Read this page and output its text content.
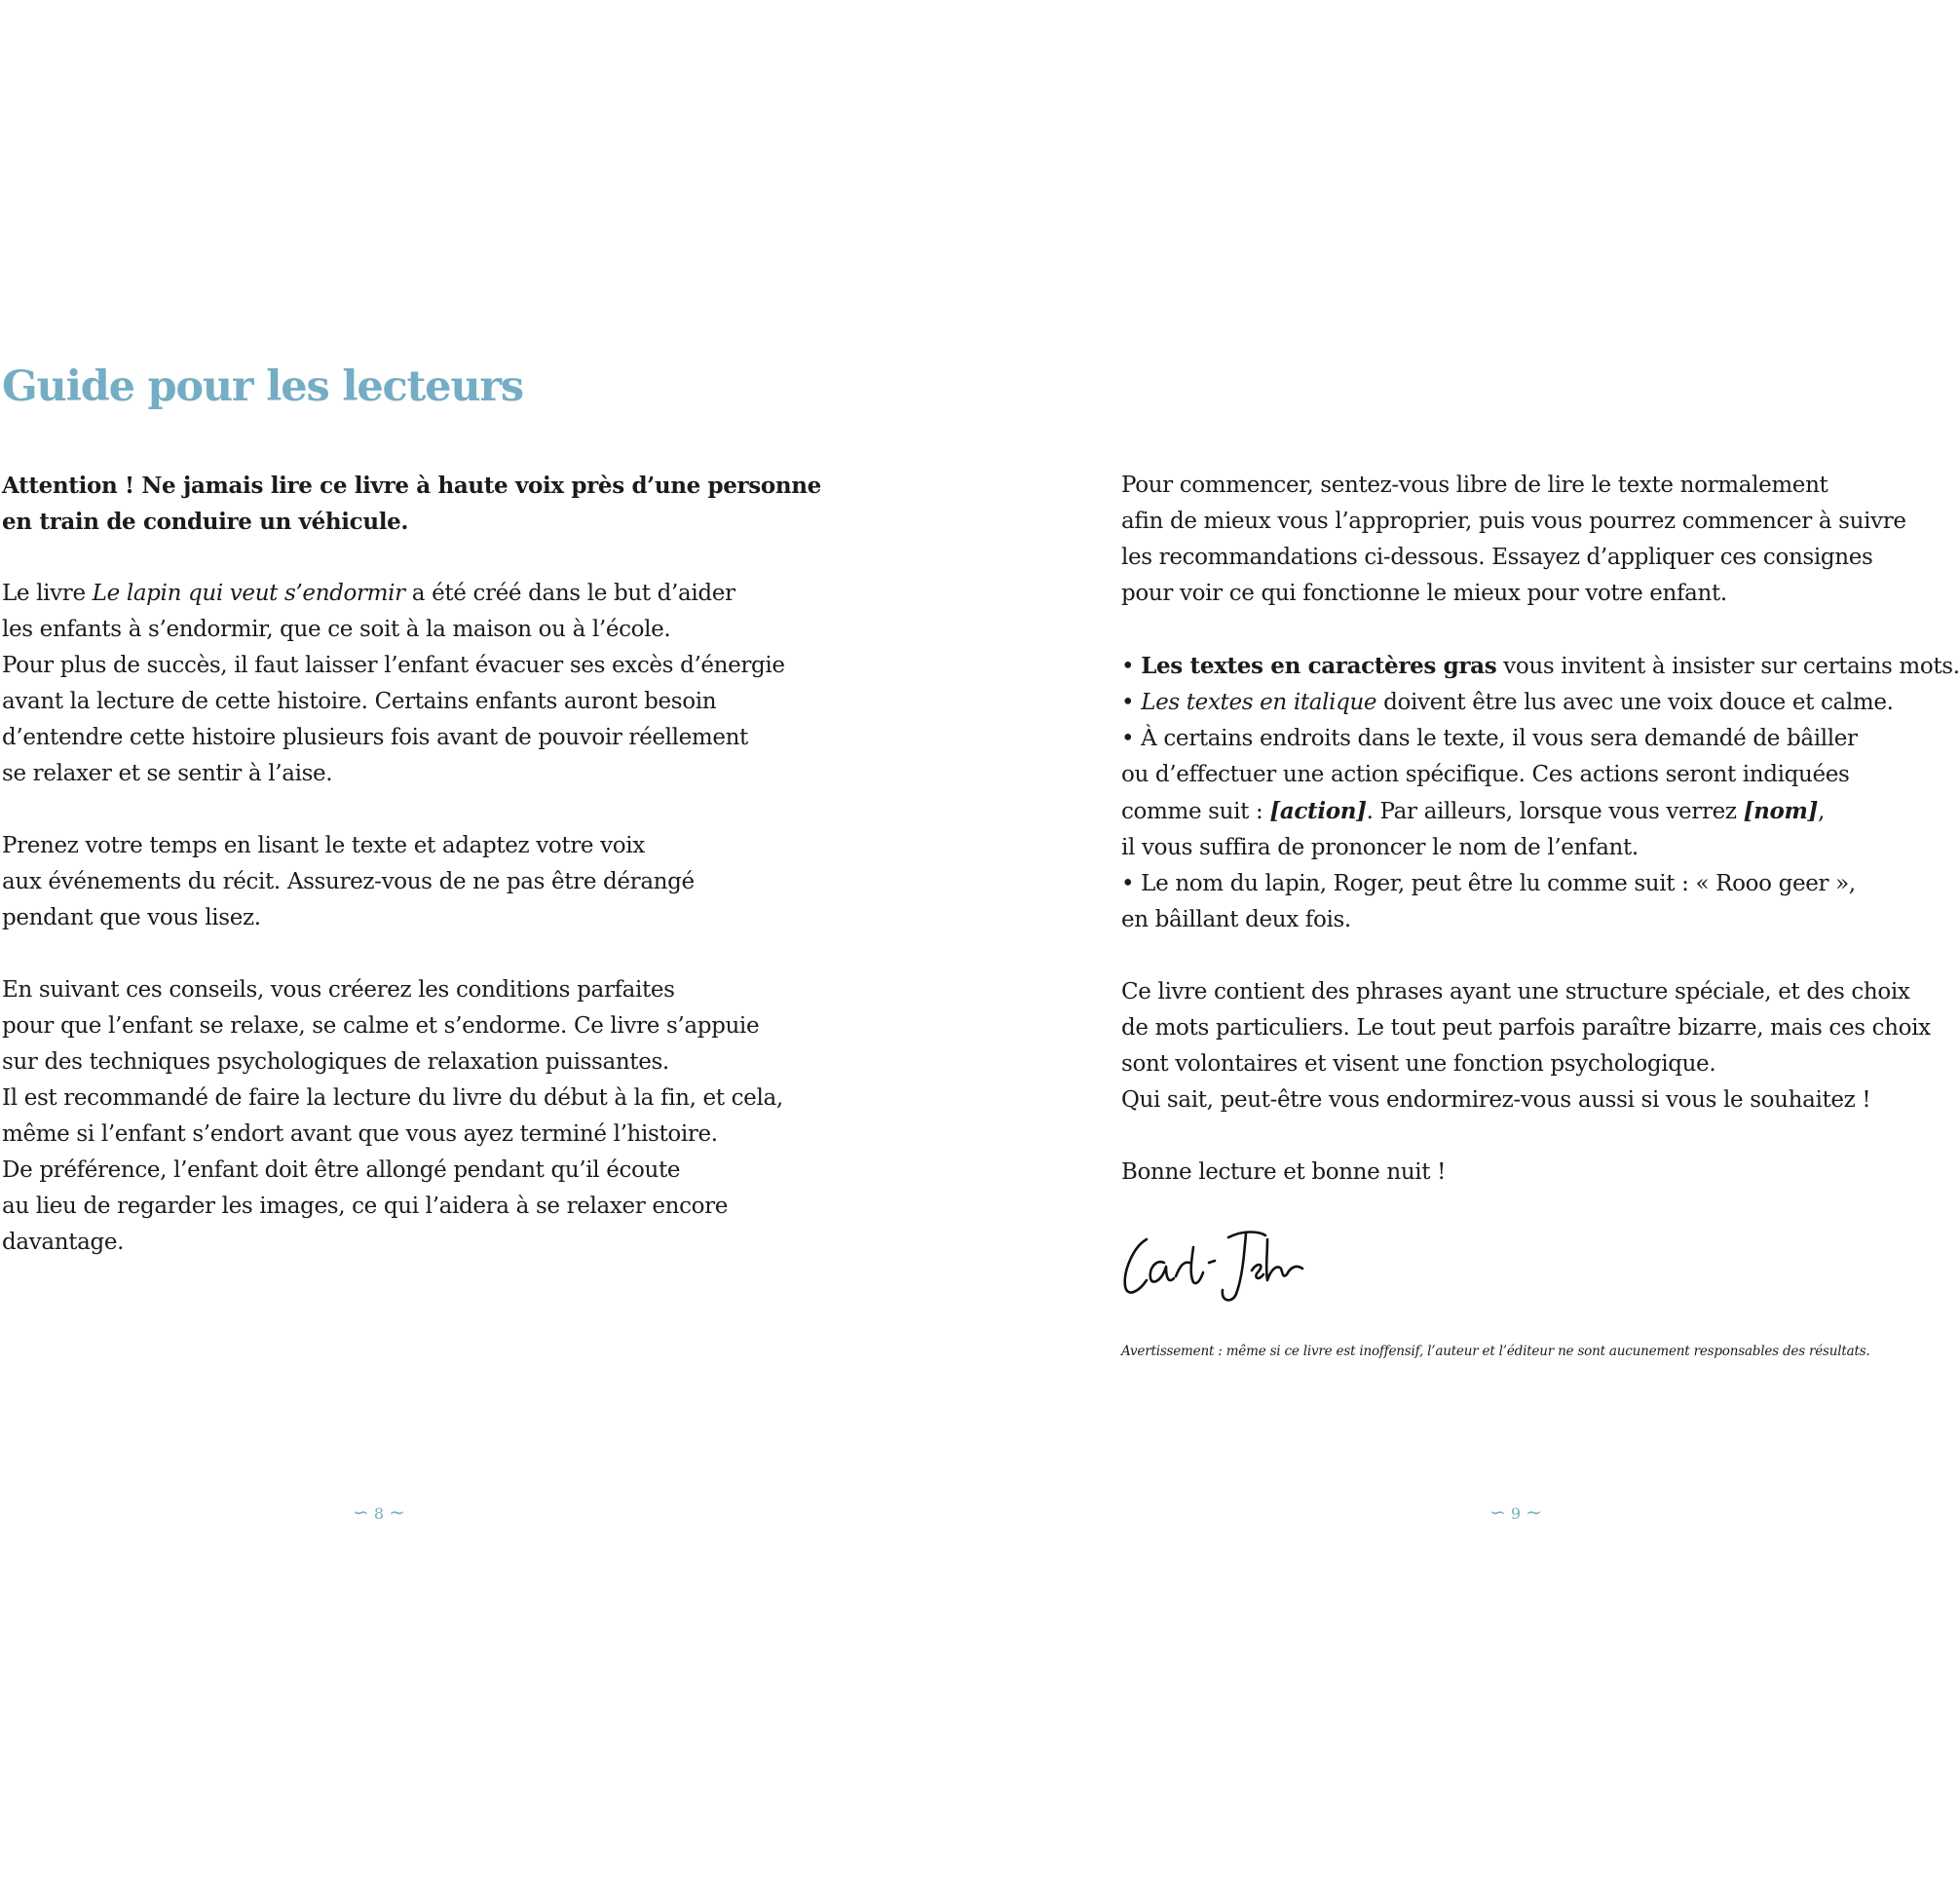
Guide pour les lecteurs

Attention ! Ne jamais lire ce livre à haute voix près d’une personne
en train de conduire un véhicule.

Le livre Le lapin qui veut s’endormir a été créé dans le but d’aider
les enfants à s’endormir, que ce soit à la maison ou à l’école.
Pour plus de succès, il faut laisser l’enfant évacuer ses excès d’énergie
avant la lecture de cette histoire. Certains enfants auront besoin
d’entendre cette histoire plusieurs fois avant de pouvoir réellement
se relaxer et se sentir à l’aise.

Prenez votre temps en lisant le texte et adaptez votre voix
aux événements du récit. Assurez-vous de ne pas être dérangé
pendant que vous lisez.

En suivant ces conseils, vous créerez les conditions parfaites
pour que l’enfant se relaxe, se calme et s’endorme. Ce livre s’appuie
sur des techniques psychologiques de relaxation puissantes.
Il est recommandé de faire la lecture du livre du début à la fin, et cela,
même si l’enfant s’endort avant que vous ayez terminé l’histoire.
De préférence, l’enfant doit être allongé pendant qu’il écoute
au lieu de regarder les images, ce qui l’aidera à se relaxer encore
davantage.

∽ 8 ∼

Pour commencer, sentez-vous libre de lire le texte normalement
afin de mieux vous l’approprier, puis vous pourrez commencer à suivre
les recommandations ci-dessous. Essayez d’appliquer ces consignes
pour voir ce qui fonctionne le mieux pour votre enfant.

• Les textes en caractères gras vous invitent à insister sur certains mots.
• Les textes en italique doivent être lus avec une voix douce et calme.
• À certains endroits dans le texte, il vous sera demandé de bâiller
ou d’effectuer une action spécifique. Ces actions seront indiquées
comme suit : [action]. Par ailleurs, lorsque vous verrez [nom],
il vous suffira de prononcer le nom de l’enfant.
• Le nom du lapin, Roger, peut être lu comme suit : « Rooo geer »,
en bâillant deux fois.

Ce livre contient des phrases ayant une structure spéciale, et des choix
de mots particuliers. Le tout peut parfois paraître bizarre, mais ces choix
sont volontaires et visent une fonction psychologique.
Qui sait, peut-être vous endormirez-vous aussi si vous le souhaitez !

Bonne lecture et bonne nuit !

Avertissement : même si ce livre est inoffensif, l’auteur et l’éditeur ne sont aucunement responsables des résultats.

∽ 9 ∼
